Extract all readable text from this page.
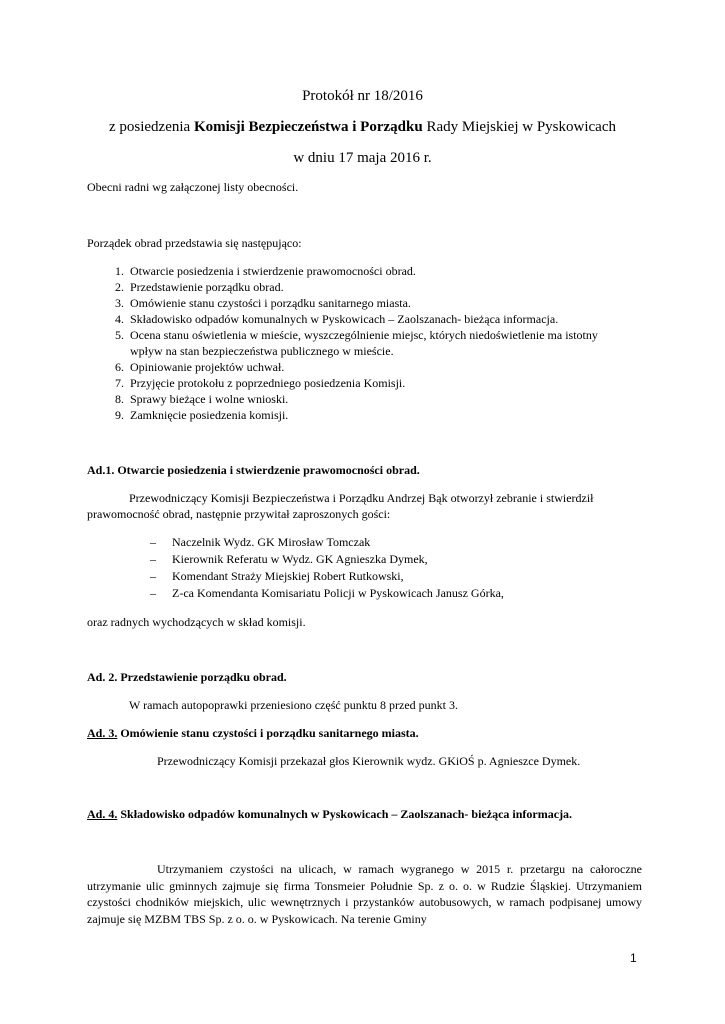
Protokół nr 18/2016
z posiedzenia Komisji Bezpieczeństwa i Porządku Rady Miejskiej w Pyskowicach
w dniu 17 maja 2016 r.
Obecni radni wg załączonej listy obecności.
Porządek obrad przedstawia się następująco:
1. Otwarcie posiedzenia i stwierdzenie prawomocności obrad.
2. Przedstawienie porządku obrad.
3. Omówienie stanu czystości i porządku sanitarnego miasta.
4. Składowisko odpadów komunalnych w Pyskowicach – Zaolszanach- bieżąca informacja.
5. Ocena stanu oświetlenia w mieście, wyszczególnienie miejsc, których niedoświetlenie ma istotny
wpływ na stan bezpieczeństwa publicznego w mieście.
6. Opiniowanie projektów uchwał.
7. Przyjęcie protokołu z poprzedniego posiedzenia Komisji.
8. Sprawy bieżące i wolne wnioski.
9. Zamknięcie posiedzenia komisji.
Ad.1. Otwarcie posiedzenia i stwierdzenie prawomocności obrad.
Przewodniczący Komisji Bezpieczeństwa i Porządku Andrzej Bąk otworzył zebranie i stwierdził
prawomocność obrad, następnie przywitał zaproszonych gości:
– Naczelnik Wydz. GK Mirosław Tomczak
– Kierownik Referatu w Wydz. GK Agnieszka Dymek,
– Komendant Straży Miejskiej Robert Rutkowski,
– Z-ca Komendanta Komisariatu Policji w Pyskowicach Janusz Górka,
oraz radnych wychodzących w skład komisji.
Ad. 2. Przedstawienie porządku obrad.
W ramach autopoprawki przeniesiono część punktu 8 przed punkt 3.
Ad. 3. Omówienie stanu czystości i porządku sanitarnego miasta.
Przewodniczący Komisji przekazał głos Kierownik wydz. GKiOŚ p. Agnieszce Dymek.
Ad. 4. Składowisko odpadów komunalnych w Pyskowicach – Zaolszanach- bieżąca informacja.
Utrzymaniem czystości na ulicach, w ramach wygranego w 2015 r. przetargu na całoroczne utrzymanie ulic gminnych zajmuje się firma Tonsmeier Południe Sp. z o. o. w Rudzie Śląskiej. Utrzymaniem czystości chodników miejskich, ulic wewnętrznych i przystanków autobusowych, w ramach podpisanej umowy zajmuje się MZBM TBS Sp. z o. o. w Pyskowicach. Na terenie Gminy
1
